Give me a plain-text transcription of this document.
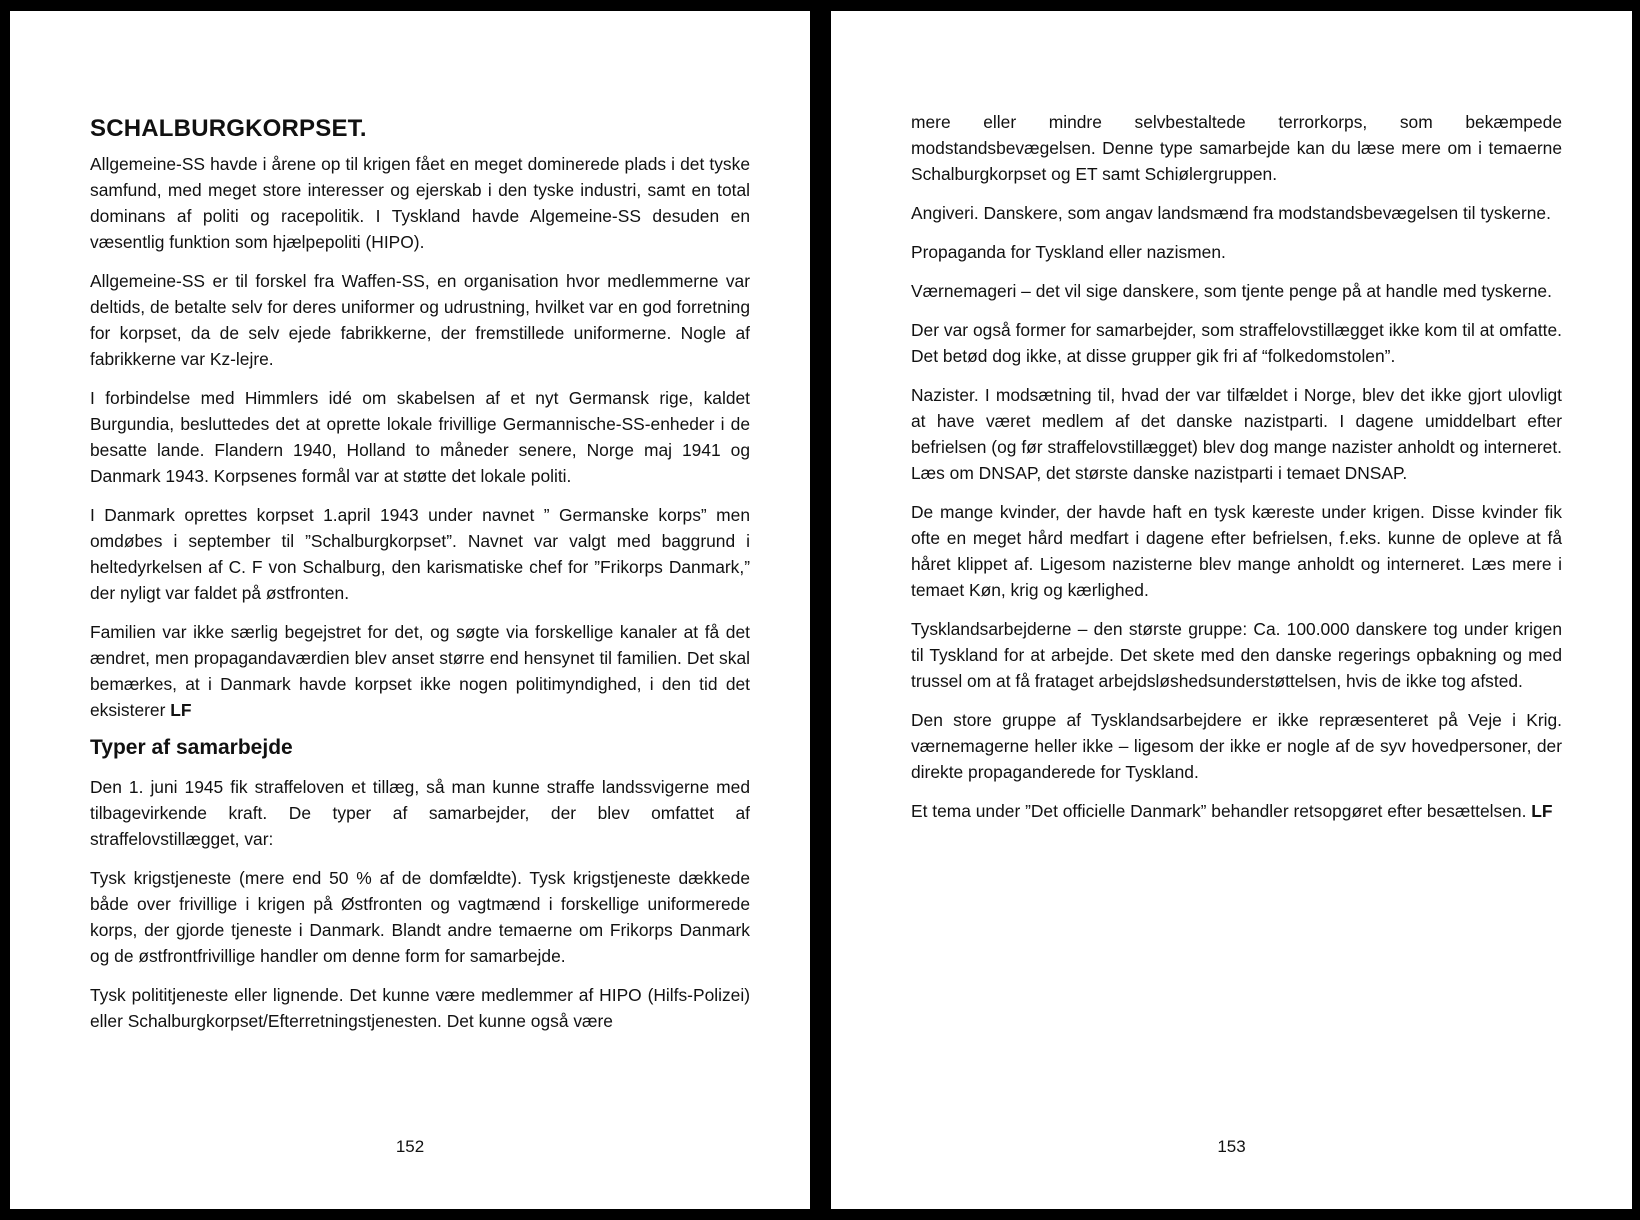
SCHALBURGKORPSET.

Allgemeine-SS havde i årene op til krigen fået en meget dominerede plads i det tyske samfund, med meget store interesser og ejerskab i den tyske industri, samt en total dominans af politi og racepolitik. I Tyskland havde Algemeine-SS desuden en væsentlig funktion som hjælpepoliti (HIPO).

Allgemeine-SS er til forskel fra Waffen-SS, en organisation hvor medlemmerne var deltids, de betalte selv for deres uniformer og udrustning, hvilket var en god forretning for korpset, da de selv ejede fabrikkerne, der fremstillede uniformerne. Nogle af fabrikkerne var Kz-lejre.

I forbindelse med Himmlers idé om skabelsen af et nyt Germansk rige, kaldet Burgundia, besluttedes det at oprette lokale frivillige Germannische-SS-enheder i de besatte lande. Flandern 1940, Holland to måneder senere, Norge maj 1941 og Danmark 1943. Korpsenes formål var at støtte det lokale politi.

I Danmark oprettes korpset 1.april 1943 under navnet ” Germanske korps” men omdøbes i september til ”Schalburgkorpset”. Navnet var valgt med baggrund i heltedyrkelsen af C. F von Schalburg, den karismatiske chef for ”Frikorps Danmark,” der nyligt var faldet på østfronten.

Familien var ikke særlig begejstret for det, og søgte via forskellige kanaler at få det ændret, men propagandaværdien blev anset større end hensynet til familien. Det skal bemærkes, at i Danmark havde korpset ikke nogen politimyndighed, i den tid det eksisterer LF

Typer af samarbejde

Den 1. juni 1945 fik straffeloven et tillæg, så man kunne straffe landssvigerne med tilbagevirkende kraft. De typer af samarbejder, der blev omfattet af straffelovstillægget, var:

Tysk krigstjeneste (mere end 50 % af de domfældte). Tysk krigstjeneste dækkede både over frivillige i krigen på Østfronten og vagtmænd i forskellige uniformerede korps, der gjorde tjeneste i Danmark. Blandt andre temaerne om Frikorps Danmark og de østfrontfrivillige handler om denne form for samarbejde.

Tysk polititjeneste eller lignende. Det kunne være medlemmer af HIPO (Hilfs-Polizei) eller Schalburgkorpset/Efterretningstjenesten. Det kunne også være

152

mere eller mindre selvbestaltede terrorkorps, som bekæmpede modstandsbevægelsen. Denne type samarbejde kan du læse mere om i temaerne Schalburgkorpset og ET samt Schiølergruppen.

Angiveri. Danskere, som angav landsmænd fra modstandsbevægelsen til tyskerne.

Propaganda for Tyskland eller nazismen.

Værnemageri – det vil sige danskere, som tjente penge på at handle med tyskerne.

Der var også former for samarbejder, som straffelovstillægget ikke kom til at omfatte. Det betød dog ikke, at disse grupper gik fri af “folkedomstolen”.

Nazister. I modsætning til, hvad der var tilfældet i Norge, blev det ikke gjort ulovligt at have været medlem af det danske nazistparti. I dagene umiddelbart efter befrielsen (og før straffelovstillægget) blev dog mange nazister anholdt og interneret. Læs om DNSAP, det største danske nazistparti i temaet DNSAP.

De mange kvinder, der havde haft en tysk kæreste under krigen. Disse kvinder fik ofte en meget hård medfart i dagene efter befrielsen, f.eks. kunne de opleve at få håret klippet af. Ligesom nazisterne blev mange anholdt og interneret. Læs mere i temaet Køn, krig og kærlighed.

Tysklandsarbejderne – den største gruppe: Ca. 100.000 danskere tog under krigen til Tyskland for at arbejde. Det skete med den danske regerings opbakning og med trussel om at få frataget arbejdsløshedsunderstøttelsen, hvis de ikke tog afsted.

Den store gruppe af Tysklandsarbejdere er ikke repræsenteret på Veje i Krig. værnemagerne heller ikke – ligesom der ikke er nogle af de syv hovedpersoner, der direkte propaganderede for Tyskland.

Et tema under ”Det officielle Danmark” behandler retsopgøret efter besættelsen. LF

153
